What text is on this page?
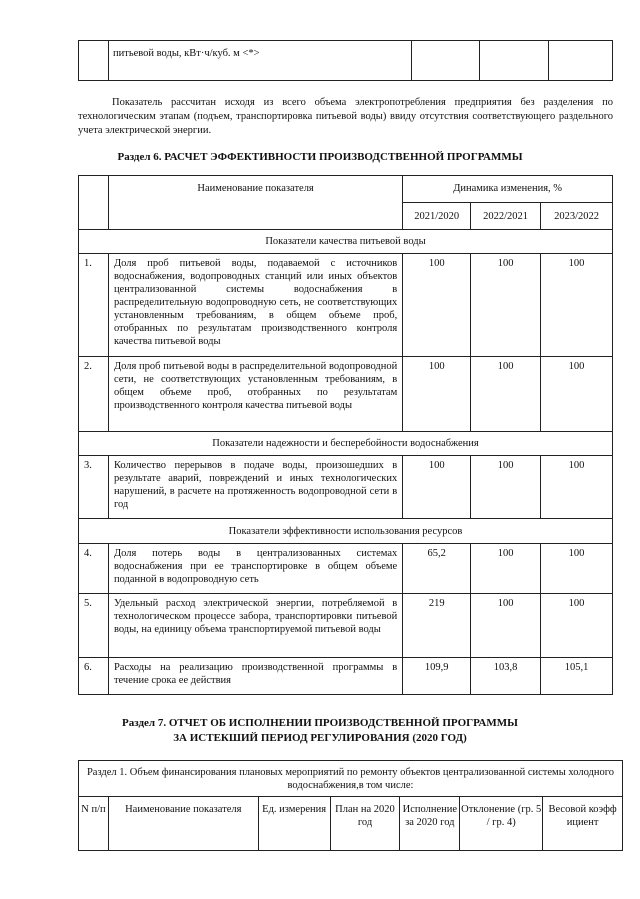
	питьевой воды, кВт·ч/куб. м <*>			

Показатель рассчитан исходя из всего объема электропотребления предприятия без разделения по технологическим этапам (подъем, транспортировка питьевой воды) ввиду отсутствия соответствующего раздельного учета электрической энергии.

Раздел 6. РАСЧЕТ ЭФФЕКТИВНОСТИ ПРОИЗВОДСТВЕННОЙ ПРОГРАММЫ

	Наименование показателя	Динамика изменения, %		
		2021/2020	2022/2021	2023/2022
Показатели качества питьевой воды				
1.	Доля проб питьевой воды, подаваемой с источников водоснабжения, водопроводных станций или иных объектов централизованной системы водоснабжения в распределительную водопроводную сеть, не соответствующих установленным требованиям, в общем объеме проб, отобранных по результатам производственного контроля качества питьевой воды	100	100	100
2.	Доля проб питьевой воды в распределительной водопроводной сети, не соответствующих установленным требованиям, в общем объеме проб, отобранных по результатам производственного контроля качества питьевой воды	100	100	100
Показатели надежности и бесперебойности водоснабжения				
3.	Количество перерывов в подаче воды, произошедших в результате аварий, повреждений и иных технологических нарушений, в расчете на протяженность водопроводной сети в год	100	100	100
Показатели эффективности использования ресурсов				
4.	Доля потерь воды в централизованных системах водоснабжения при ее транспортировке в общем объеме поданной в водопроводную сеть	65,2	100	100
5.	Удельный расход электрической энергии, потребляемой в технологическом процессе забора, транспортировки питьевой воды, на единицу объема транспортируемой питьевой воды	219	100	100
6.	Расходы на реализацию производственной программы в течение срока ее действия	109,9	103,8	105,1

Раздел 7. ОТЧЕТ ОБ ИСПОЛНЕНИИ ПРОИЗВОДСТВЕННОЙ ПРОГРАММЫ

ЗА ИСТЕКШИЙ ПЕРИОД РЕГУЛИРОВАНИЯ (2020 ГОД)

Раздел 1. Объем финансирования плановых мероприятий по ремонту объектов централизованной системы холодного водоснабжения,в том числе:
N п/п	Наименование показателя	Ед. измерения	План на 2020 год	Исполнение за 2020 год	Отклонение (гр. 5 / гр. 4)	Весовой коэффициент
